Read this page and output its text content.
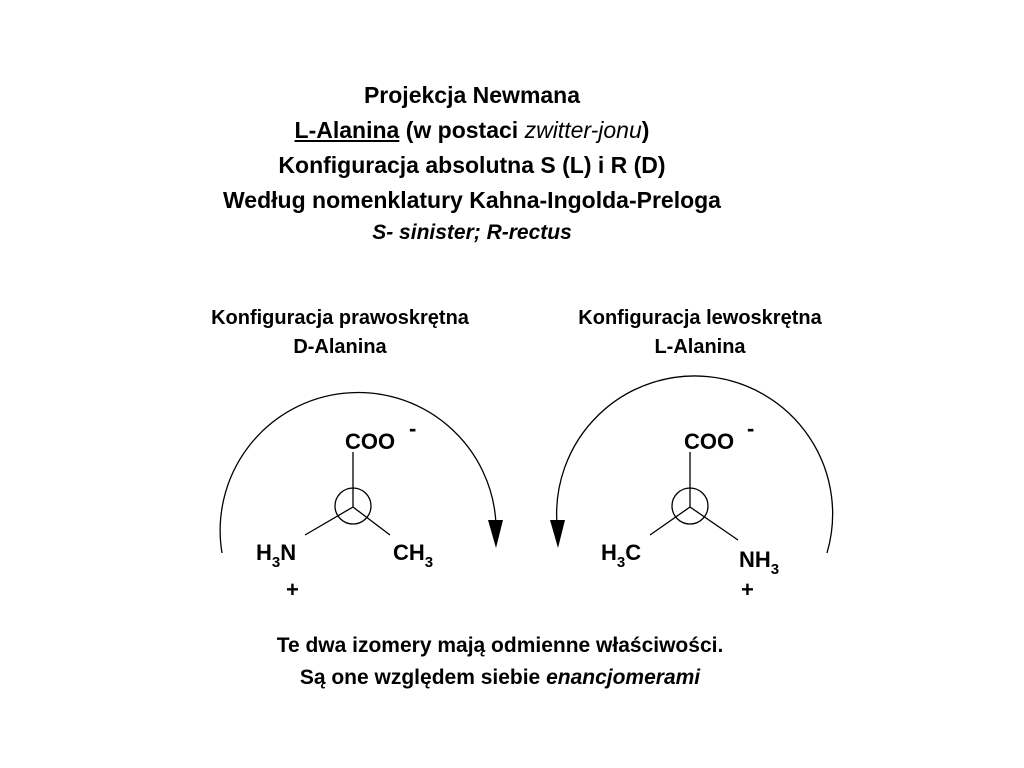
Projekcja Newmana
L-Alanina (w postaci zwitter-jonu)
Konfiguracja absolutna S (L) i R (D)
Według nomenklatury Kahna-Ingolda-Preloga
S- sinister; R-rectus
Konfiguracja prawoskrętna
D-Alanina
Konfiguracja lewoskrętna
L-Alanina
COO
-
$H_3N$
+
$CH_3$
COO
-
$H_3C$	$NH_3$
+
Te dwa izomery mają odmienne właściwości.
Są one względem siebie enancjomerami
